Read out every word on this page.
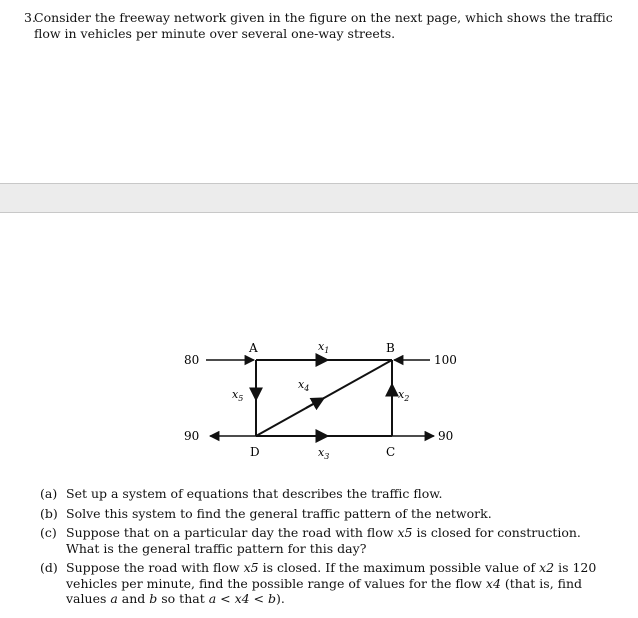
3.
Consider the freeway network given in the figure on the next page, which shows the traffic flow in vehicles per minute over several one-way streets.
A	B
D	C
80	100
90	90
$x_1$
$x_2$
$x_3$
$x_4$
$x_5$
(a) Set up a system of equations that describes the traffic flow.
(b) Solve this system to find the general traffic pattern of the network.
(c) Suppose that on a particular day the road with flow x5 is closed for construction. What is the general traffic pattern for this day?
(d) Suppose the road with flow x5 is closed. If the maximum possible value of x2 is 120 vehicles per minute, find the possible range of values for the flow x4 (that is, find values a and b so that a < x4 < b).
